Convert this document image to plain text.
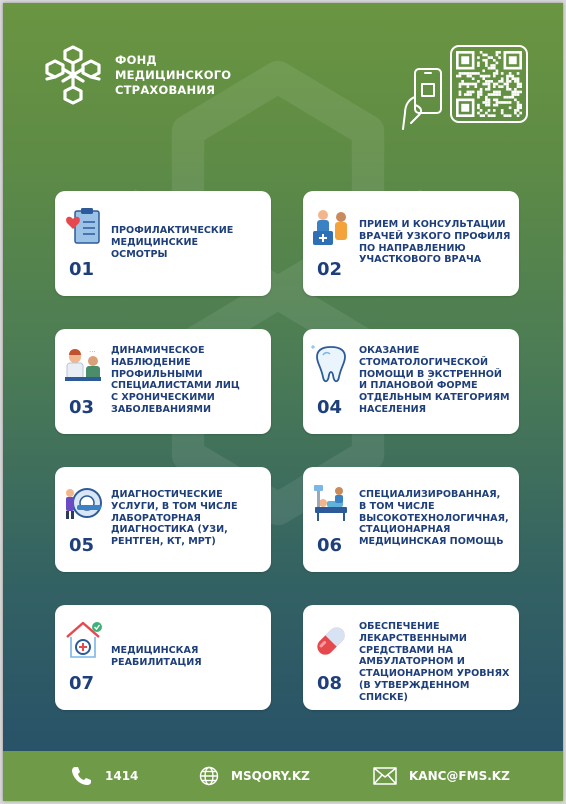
ФОНД
МЕДИЦИНСКОГО
СТРАХОВАНИЯ
ПРОФИЛАКТИЧЕСКИЕ
МЕДИЦИНСКИЕ
ОСМОТРЫ
01
ПРИЕМ И КОНСУЛЬТАЦИИ
ВРАЧЕЙ УЗКОГО ПРОФИЛЯ
ПО НАПРАВЛЕНИЮ
УЧАСТКОВОГО ВРАЧА
02
... ДИНАМИЧЕСКОЕ
НАБЛЮДЕНИЕ
ПРОФИЛЬНЫМИ
СПЕЦИАЛИСТАМИ ЛИЦ
С ХРОНИЧЕСКИМИ
ЗАБОЛЕВАНИЯМИ
03
ОКАЗАНИЕ
СТОМАТОЛОГИЧЕСКОЙ
ПОМОЩИ В ЭКСТРЕННОЙ
И ПЛАНОВОЙ ФОРМЕ
ОТДЕЛЬНЫМ КАТЕГОРИЯМ
НАСЕЛЕНИЯ
04
ДИАГНОСТИЧЕСКИЕ
УСЛУГИ, В ТОМ ЧИСЛЕ
ЛАБОРАТОРНАЯ
ДИАГНОСТИКА (УЗИ,
РЕНТГЕН, КТ, МРТ)
05
СПЕЦИАЛИЗИРОВАННАЯ,
В ТОМ ЧИСЛЕ
ВЫСОКОТЕХНОЛОГИЧНАЯ,
СТАЦИОНАРНАЯ
МЕДИЦИНСКАЯ ПОМОЩЬ
06
МЕДИЦИНСКАЯ
РЕАБИЛИТАЦИЯ
07
ОБЕСПЕЧЕНИЕ
ЛЕКАРСТВЕННЫМИ
СРЕДСТВАМИ НА
АМБУЛАТОРНОМ И
СТАЦИОНАРНОМ УРОВНЯХ
(В УТВЕРЖДЕННОМ СПИСКЕ)
08
1414	MSQORY.KZ	KANC@FMS.KZ
